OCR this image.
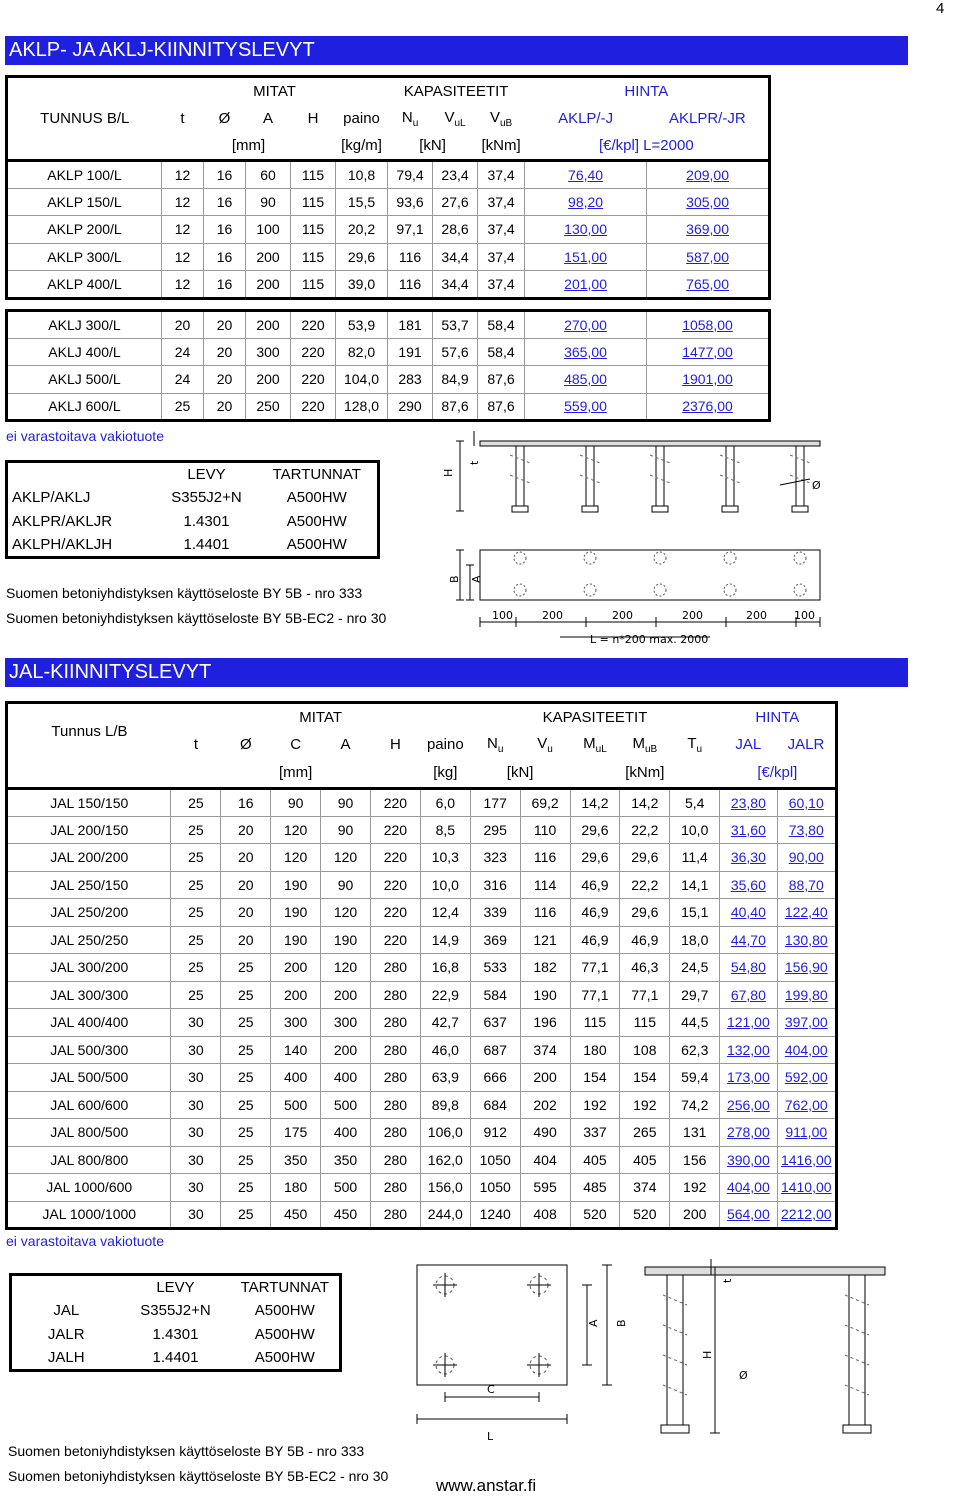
4
AKLP- JA AKLJ-KIINNITYSLEVYT
	MITAT					KAPASITEETIT			HINTA	
TUNNUS B/L	t	Ø	A	H	paino	$N_u$	$V_{uL}$	$V_{uB}$	AKLP/-J	AKLPR/-JR
	[mm]				[kg/m]	[kN]		[kNm]	[€/kpl] L=2000	
AKLP 100/L	12	16	60	115	10,8	79,4	23,4	37,4	76,40	209,00
AKLP 150/L	12	16	90	115	15,5	93,6	27,6	37,4	98,20	305,00
AKLP 200/L	12	16	100	115	20,2	97,1	28,6	37,4	130,00	369,00
AKLP 300/L	12	16	200	115	29,6	116	34,4	37,4	151,00	587,00
AKLP 400/L	12	16	200	115	39,0	116	34,4	37,4	201,00	765,00
AKLJ 300/L	20	20	200	220	53,9	181	53,7	58,4	270,00	1058,00
AKLJ 400/L	24	20	300	220	82,0	191	57,6	58,4	365,00	1477,00
AKLJ 500/L	24	20	200	220	104,0	283	84,9	87,6	485,00	1901,00
AKLJ 600/L	25	20	250	220	128,0	290	87,6	87,6	559,00	2376,00
ei varastoitava vakiotuote
	LEVY	TARTUNNAT
AKLP/AKLJ	S355J2+N	A500HW
AKLPR/AKLJR	1.4301	A500HW
AKLPH/AKLJH	1.4401	A500HW
Suomen betoniyhdistyksen käyttöseloste BY 5B - nro 333
Suomen betoniyhdistyksen käyttöseloste BY 5B-EC2 - nro 30
H
t
Ø
A
B
100	200	200	200	200 100
L = n*200 max. 2000
JAL-KIINNITYSLEVYT
Tunnus L/B	MITAT						KAPASITEETIT					HINTA	
	t	Ø	C	A	H	paino	$N_u$	$V_u$	$M_{uL}$	$M_{uB}$	$T_u$	JAL	JALR
	[mm]					[kg]	[kN]		[kNm]			[€/kpl]	
JAL 150/150	25	16	90	90	220	6,0	177	69,2	14,2	14,2	5,4	23,80	60,10
JAL 200/150	25	20	120	90	220	8,5	295	110	29,6	22,2	10,0	31,60	73,80
JAL 200/200	25	20	120	120	220	10,3	323	116	29,6	29,6	11,4	36,30	90,00
JAL 250/150	25	20	190	90	220	10,0	316	114	46,9	22,2	14,1	35,60	88,70
JAL 250/200	25	20	190	120	220	12,4	339	116	46,9	29,6	15,1	40,40	122,40
JAL 250/250	25	20	190	190	220	14,9	369	121	46,9	46,9	18,0	44,70	130,80
JAL 300/200	25	25	200	120	280	16,8	533	182	77,1	46,3	24,5	54,80	156,90
JAL 300/300	25	25	200	200	280	22,9	584	190	77,1	77,1	29,7	67,80	199,80
JAL 400/400	30	25	300	300	280	42,7	637	196	115	115	44,5	121,00	397,00
JAL 500/300	30	25	140	200	280	46,0	687	374	180	108	62,3	132,00	404,00
JAL 500/500	30	25	400	400	280	63,9	666	200	154	154	59,4	173,00	592,00
JAL 600/600	30	25	500	500	280	89,8	684	202	192	192	74,2	256,00	762,00
JAL 800/500	30	25	175	400	280	106,0	912	490	337	265	131	278,00	911,00
JAL 800/800	30	25	350	350	280	162,0	1050	404	405	405	156	390,00	1416,00
JAL 1000/600	30	25	180	500	280	156,0	1050	595	485	374	192	404,00	1410,00
JAL 1000/1000	30	25	450	450	280	244,0	1240	408	520	520	200	564,00	2212,00
ei varastoitava vakiotuote
	LEVY	TARTUNNAT
JAL	S355J2+N	A500HW
JALR	1.4301	A500HW
JALH	1.4401	A500HW
Suomen betoniyhdistyksen käyttöseloste BY 5B - nro 333
Suomen betoniyhdistyksen käyttöseloste BY 5B-EC2 - nro 30
A B
C
L
t
H
Ø
www.anstar.fi
